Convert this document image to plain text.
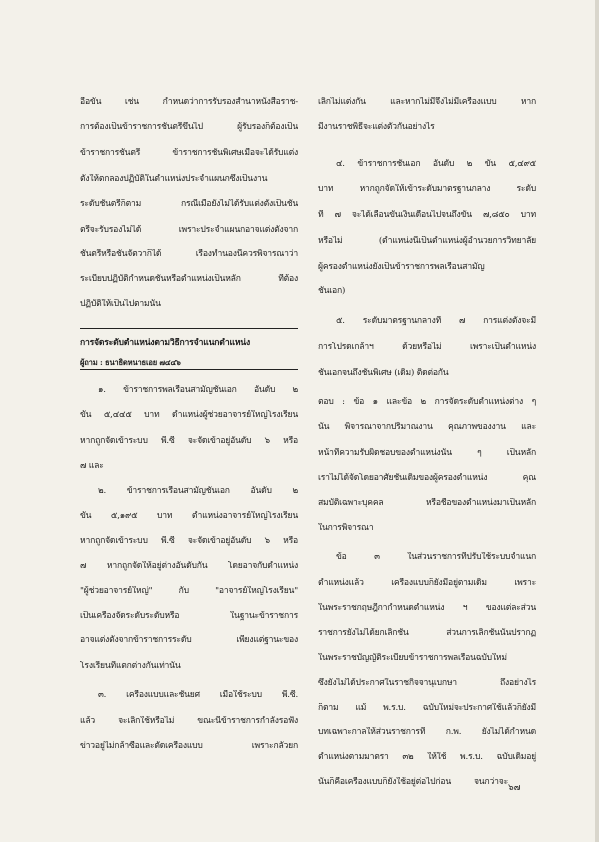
อื่อขั้น เช่น กำหนดว่าการรับรองสำนาหนังสือราช-
การต้องเป็นข้าราชการชั้นตรีขึ้นไป ผู้รับรองก็ต้องเป็น
ข้าราชการชั้นตรี ข้าราชการชั้นพิเศษเมื่อจะได้รับแต่ง
ตั้งให้ตกลองปฏิบัติในตำแหน่งประจำแผนกซึ่งเป็นงาน
ระดับชั้นตรีก็ตาม กรณีเมื่อยังไม่ได้รับแต่งตั้งเป็นชั้น
ตรีจะรับรองไม่ได้ เพราะประจำแผนกอาจแต่งตั้งจาก
ชั้นตรีหรือชั้นจัตวาก็ได้ เรื่องทำนองนี้ควรพิจารณาว่า
ระเบียบปฏิบัติกำหนดชั้นหรือตำแหน่งเป็นหลัก ที่ต้อง
ปฏิบัติให้เป็นไปตามนั้น
การจัดระดับตำแหน่งตามวิธีการจำแนกตำแหน่ง
ผู้ถาม : ธนาธิดหนาธเอย ๗๔๔๖
๑. ข้าราชการพลเรือนสามัญชั้นเอก อันดับ ๒
ขั้น ๕,๔๔๕ บาท ดำแหน่งผู้ช่วยอาจารย์ใหญ่โรงเรียน
หากถูกจัดเข้าระบบ พี.ซี จะจัดเข้าอยู่อันดับ ๖ หรือ
๗ และ
๒. ข้าราชการเรือนสามัญชั้นเอก อันดับ ๒
ขั้น ๕,๑๙๕ บาท ตำแหน่งอาจารย์ใหญ่โรงเรียน
หากถูกจัดเข้าระบบ พี.ซี จะจัดเข้าอยู่อันดับ ๖ หรือ
๗ หากถูกจัดให้อยู่ต่างอันดับกัน โดยอาจกับดำแหน่ง
"ผู้ช่วยอาจารย์ใหญ่" กับ "อาจารย์ใหญ่โรงเรียน"
เป็นเครื่องจัดระดับระดับหรือ ในฐานะข้าราชการ
อาจแต่งตั้งจากข้าราชการระดับ เพียงแต่ฐานะของ
โรงเรียนที่แตกต่างกันเท่านั้น
๓. เครื่องแบบและชั้นยศ เมื่อใช้ระบบ พี.ซี.
แล้ว จะเลิกใช้หรือไม่ ขณะนี้ข้าราชการกำลังรอฟัง
ข่าวอยู่ไม่กล้าซื้อและตัดเครื่องแบบ เพราะกลัวยก
เลิกไม่แต่งกัน และหากไม่มีจึงไม่มีเครื่องแบบ หาก
มีงานราชพิธีจะแต่งตัวกันอย่างไร
๔. ข้าราชการชั้นเอก อันดับ ๒ ขั้น ๕,๔๙๕
บาท หากถูกจัดให้เข้าระดับมาตรฐานกลาง ระดับ
ที่ ๗ จะได้เลื่อนขั้นเงินเดือนไปจนถึงขั้น ๗,๘๕๐ บาท
หรือไม่ (ตำแหน่งนี้เป็นตำแหน่งผู้อำนวยการวิทยาลัย
ผู้ครองตำแหน่งยังเป็นข้าราชการพลเรือนสามัญ
ชั้นเอก)
๕. ระดับมาตรฐานกลางที่ ๗ การแต่งตั้งจะมี
การโปรดเกล้าฯ ด้วยหรือไม่ เพราะเป็นตำแหน่ง
ชั้นเอกจนถึงชั้นพิเศษ (เดิม) ติดต่อกัน
ตอบ : ข้อ ๑ และข้อ ๒ การจัดระดับตำแหน่งต่าง ๆ
นั้น พิจารณาจากปริมาณงาน คุณภาพของงาน และ
หน้าที่ความรับผิดชอบของตำแหน่งนั้น ๆ เป็นหลัก
เราไม่ได้จัดโดยอาศัยชั้นเดิมของผู้ครองตำแหน่ง คุณ
สมบัติเฉพาะบุคคล หรือชื่อของตำแหน่งมาเป็นหลัก
ในการพิจารณา
ข้อ ๓ ในส่วนราชการที่ปรับใช้ระบบจำแนก
ตำแหน่งแล้ว เครื่องแบบก็ยังมีอยู่ตามเดิม เพราะ
ในพระราชกฤษฎีกากำหนดตำแหน่ง ฯ ของแต่ละส่วน
ราชการยังไม่ได้ยกเลิกชั้น ส่วนการเลิกชั้นนั้นปรากฏ
ในพระราชบัญญัติระเบียบข้าราชการพลเรือนฉบับใหม่
ซึ่งยังไม่ได้ประกาศในราชกิจจานุเบกษา ถึงอย่างไร
ก็ตาม แม้ พ.ร.บ. ฉบับใหม่จะประกาศใช้แล้วก็ยังมี
บทเฉพาะกาลให้ส่วนราชการที่ ก.พ. ยังไม่ได้กำหนด
ตำแหน่งตามมาตรา ๓๒ ให้ใช้ พ.ร.บ. ฉบับเดิมอยู่
นั่นก็คือเครื่องแบบก็ยังใช้อยู่ต่อไปก่อน จนกว่าจะ
๖๗
